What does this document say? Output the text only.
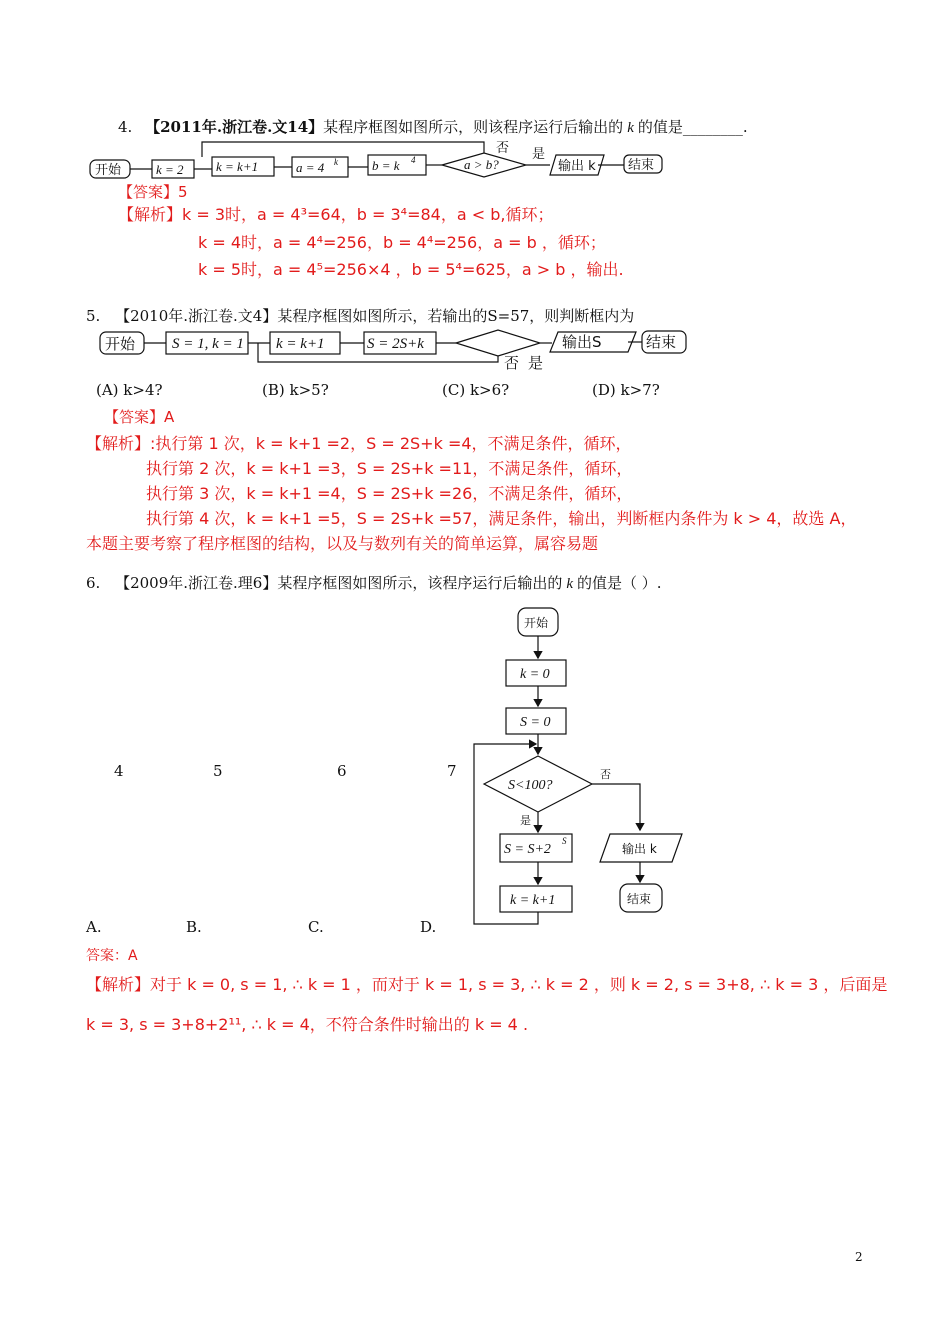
4. 【2011年.浙江卷.文14】某程序框图如图所示，则该程序运行后输出的 k 的值是________.
开始	k = 2 k = k+1	a = 4 k	b = k 4	a > b?
否 是
输出 k 结束
【答案】5
【解析】k = 3时，a = 4³=64，b = 3⁴=84，a < b,循环；
k = 4时，a = 4⁴=256，b = 4⁴=256，a = b ，循环；
k = 5时，a = 4⁵=256×4 ，b = 5⁴=625，a > b ，输出.
5. 【2010年.浙江卷.文4】某程序框图如图所示，若输出的S=57，则判断框内为
开始 S = 1, k = 1 k = k+1	S = 2S+k	输出S	结束
否 是
(A) k>4?	(B) k>5?	(C) k>6?	(D) k>7?
【答案】A
【解析】:执行第 1 次，k = k+1 =2，S = 2S+k =4，不满足条件，循环，
执行第 2 次，k = k+1 =3，S = 2S+k =11，不满足条件，循环，
执行第 3 次，k = k+1 =4，S = 2S+k =26，不满足条件，循环，
执行第 4 次，k = k+1 =5，S = 2S+k =57，满足条件，输出，判断框内条件为 k > 4，故选 A，
本题主要考察了程序框图的结构，以及与数列有关的简单运算，属容易题
6. 【2009年.浙江卷.理6】某程序框图如图所示，该程序运行后输出的 k 的值是（ ）.
4	5	6	7
开始
k = 0
S = 0
S<100?
否
是
S = S+2
S
k = k+1
输出 k
结束
A.	B.	C.	D.
答案：A
【解析】对于 k = 0, s = 1, ∴ k = 1 ，而对于 k = 1, s = 3, ∴ k = 2 ，则 k = 2, s = 3+8, ∴ k = 3 ，后面是
k = 3, s = 3+8+2¹¹, ∴ k = 4，不符合条件时输出的 k = 4 .
2
